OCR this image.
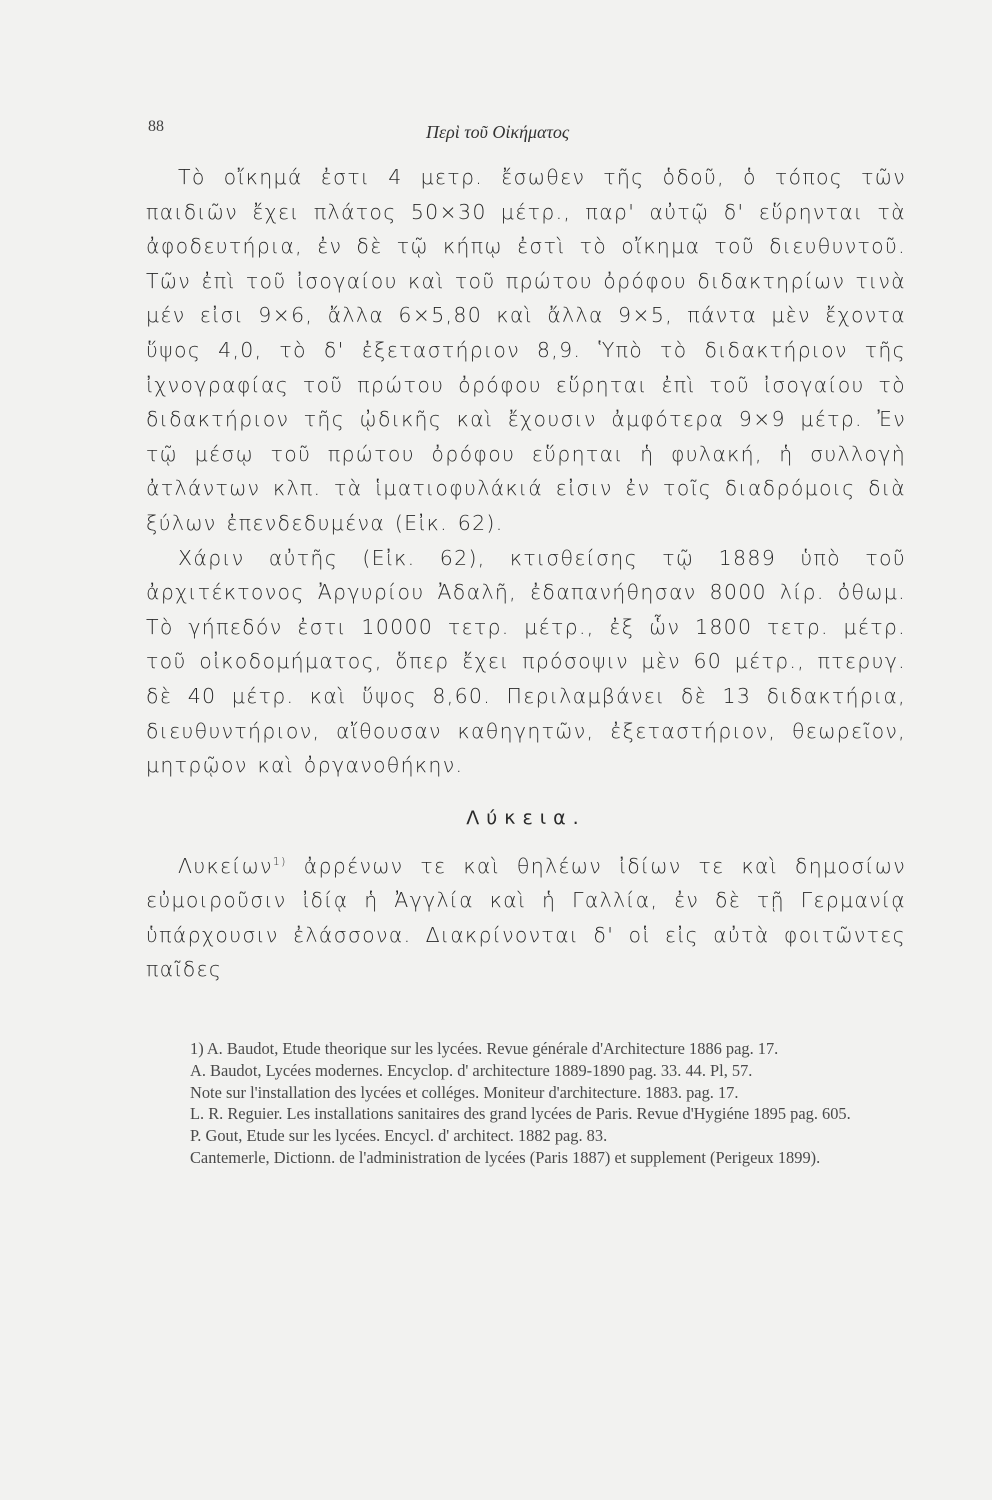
88	Περὶ τοῦ Οἰκήματος

Τὸ οἴκημά ἐστι 4 μετρ. ἔσωθεν τῆς ὁδοῦ, ὁ τόπος τῶν παιδιῶν ἔχει πλάτος 50×30 μέτρ., παρ' αὐτῷ δ' εὕρηνται τὰ ἀφοδευτήρια, ἐν δὲ τῷ κήπῳ ἐστὶ τὸ οἴκημα τοῦ διευθυντοῦ. Τῶν ἐπὶ τοῦ ἰσογαίου καὶ τοῦ πρώτου ὀρόφου διδακτηρίων τινὰ μέν εἰσι 9×6, ἄλλα 6×5,80 καὶ ἄλλα 9×5, πάντα μὲν ἔχοντα ὕψος 4,0, τὸ δ' ἐξεταστήριον 8,9. Ὑπὸ τὸ διδακτήριον τῆς ἰχνογραφίας τοῦ πρώτου ὀρόφου εὕρηται ἐπὶ τοῦ ἰσογαίου τὸ διδακτήριον τῆς ᾠδικῆς καὶ ἔχουσιν ἀμφότερα 9×9 μέτρ. Ἐν τῷ μέσῳ τοῦ πρώτου ὀρόφου εὕρηται ἡ φυλακή, ἡ συλλογὴ ἀτλάντων κλπ. τὰ ἱματιοφυλάκιά εἰσιν ἐν τοῖς διαδρόμοις διὰ ξύλων ἐπενδεδυμένα (Εἰκ. 62).

Χάριν αὐτῆς (Εἰκ. 62), κτισθείσης τῷ 1889 ὑπὸ τοῦ ἀρχιτέκτονος Ἀργυρίου Ἀδαλῆ, ἐδαπανήθησαν 8000 λίρ. ὀθωμ. Τὸ γήπεδόν ἐστι 10000 τετρ. μέτρ., ἐξ ὧν 1800 τετρ. μέτρ. τοῦ οἰκοδομήματος, ὅπερ ἔχει πρόσοψιν μὲν 60 μέτρ., πτερυγ. δὲ 40 μέτρ. καὶ ὕψος 8,60. Περιλαμβάνει δὲ 13 διδακτήρια, διευθυντήριον, αἴθουσαν καθηγητῶν, ἐξεταστήριον, θεωρεῖον, μητρῷον καὶ ὀργανοθήκην.

Λύκεια.

Λυκείων$^{1)}$ ἀρρένων τε καὶ θηλέων ἰδίων τε καὶ δημοσίων εὐμοιροῦσιν ἰδίᾳ ἡ Ἀγγλία καὶ ἡ Γαλλία, ἐν δὲ τῇ Γερμανίᾳ ὑπάρχουσιν ἐλάσσονα. Διακρίνονται δ' οἱ εἰς αὐτὰ φοιτῶντες παῖδες

1) A. Baudot, Etude theorique sur les lycées. Revue générale d'Architecture 1886 pag. 17.

A. Baudot, Lycées modernes. Encyclop. d' architecture 1889-1890 pag. 33. 44. Pl, 57.

Note sur l'installation des lycées et colléges. Moniteur d'architecture. 1883. pag. 17.

L. R. Reguier. Les installations sanitaires des grand lycées de Paris. Revue d'Hygiéne 1895 pag. 605.

P. Gout, Etude sur les lycées. Encycl. d' architect. 1882 pag. 83.

Cantemerle, Dictionn. de l'administration de lycées (Paris 1887) et supplement (Perigeux 1899).
